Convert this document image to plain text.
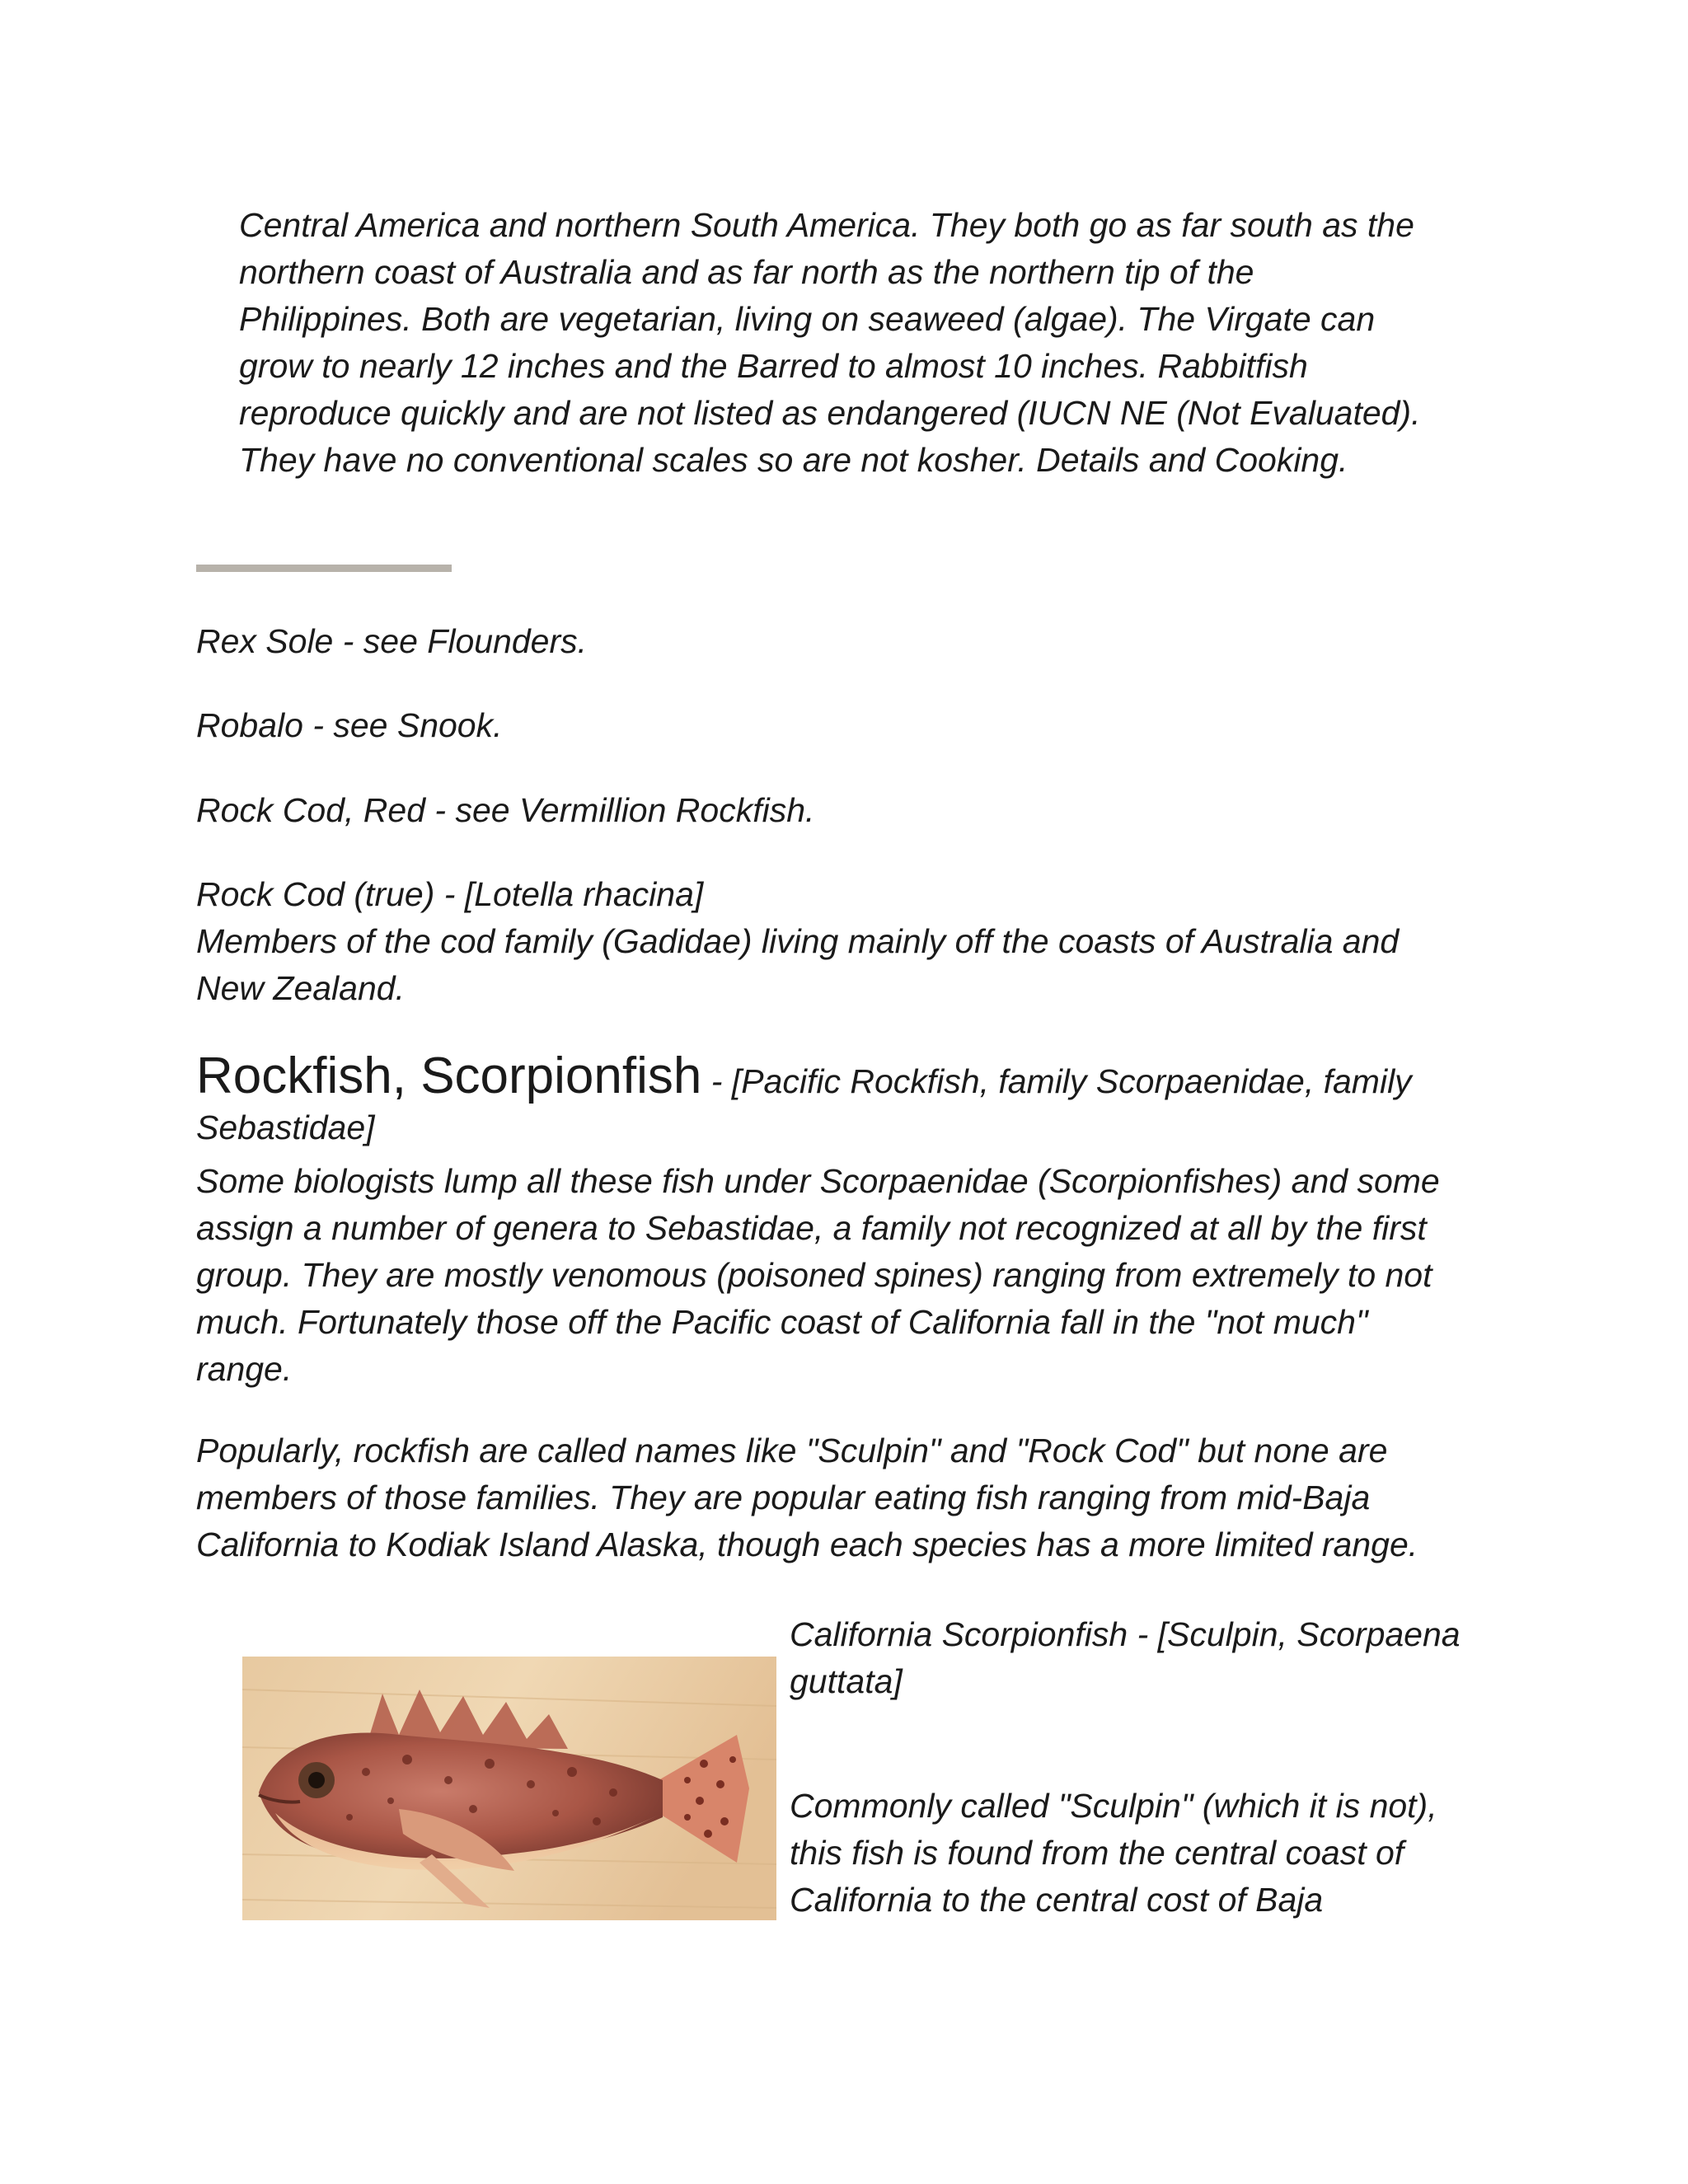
Central America and northern South America. They both go as far south as the

northern coast of Australia and as far north as the northern tip of the

Philippines. Both are vegetarian, living on seaweed (algae). The Virgate can

grow to nearly 12 inches and the Barred to almost 10 inches. Rabbitfish

reproduce quickly and are not listed as endangered (IUCN NE (Not Evaluated).

They have no conventional scales so are not kosher. Details and Cooking.

Rex Sole - see Flounders.

Robalo - see Snook.

Rock Cod, Red - see Vermillion Rockfish.

Rock Cod (true) - [Lotella rhacina]

Members of the cod family (Gadidae) living mainly off the coasts of Australia and

New Zealand.

Rockfish, Scorpionfish - [Pacific Rockfish, family Scorpaenidae, family

Sebastidae]

Some biologists lump all these fish under Scorpaenidae (Scorpionfishes) and some

assign a number of genera to Sebastidae, a family not recognized at all by the first

group. They are mostly venomous (poisoned spines) ranging from extremely to not

much. Fortunately those off the Pacific coast of California fall in the "not much"

range.

Popularly, rockfish are called names like "Sculpin" and "Rock Cod" but none are

members of those families. They are popular eating fish ranging from mid-Baja

California to Kodiak Island Alaska, though each species has a more limited range.

California Scorpionfish - [Sculpin, Scorpaena

guttata]

Commonly called "Sculpin" (which it is not),

this fish is found from the central coast of

California to the central cost of Baja
